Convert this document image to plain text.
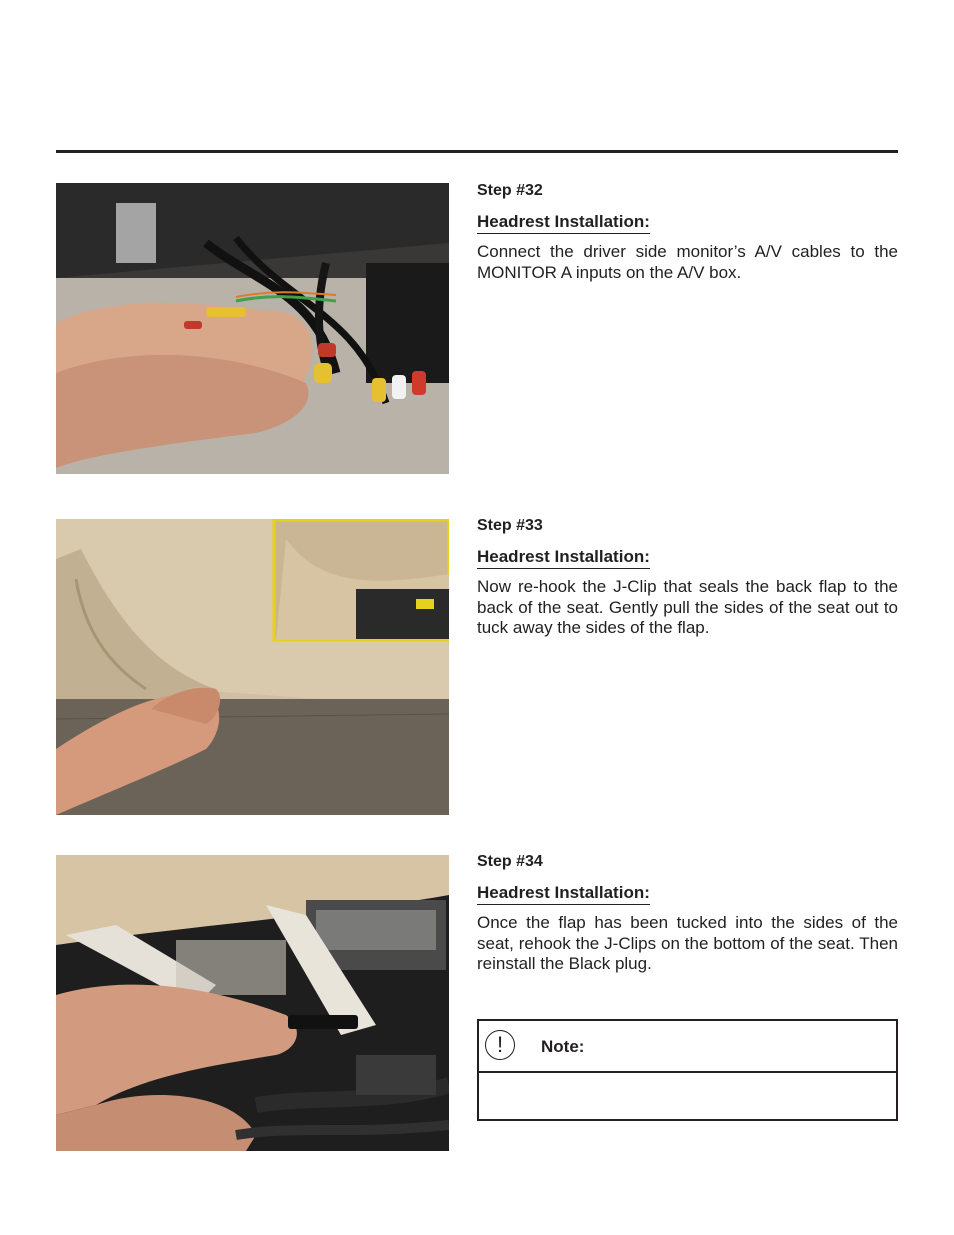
Step #32

Headrest Installation:
Connect the driver side monitor’s A/V cables to the MONITOR A inputs on the A/V box.

Step #33

Headrest Installation:
Now re-hook the J-Clip that seals the back flap to the back of the seat. Gently pull the sides of the seat out to tuck away the sides of the flap.

Step #34

Headrest Installation:
Once the flap has been tucked into the sides of the seat, rehook the J-Clips on the bottom of the seat. Then reinstall the Black plug.
!	Note:
